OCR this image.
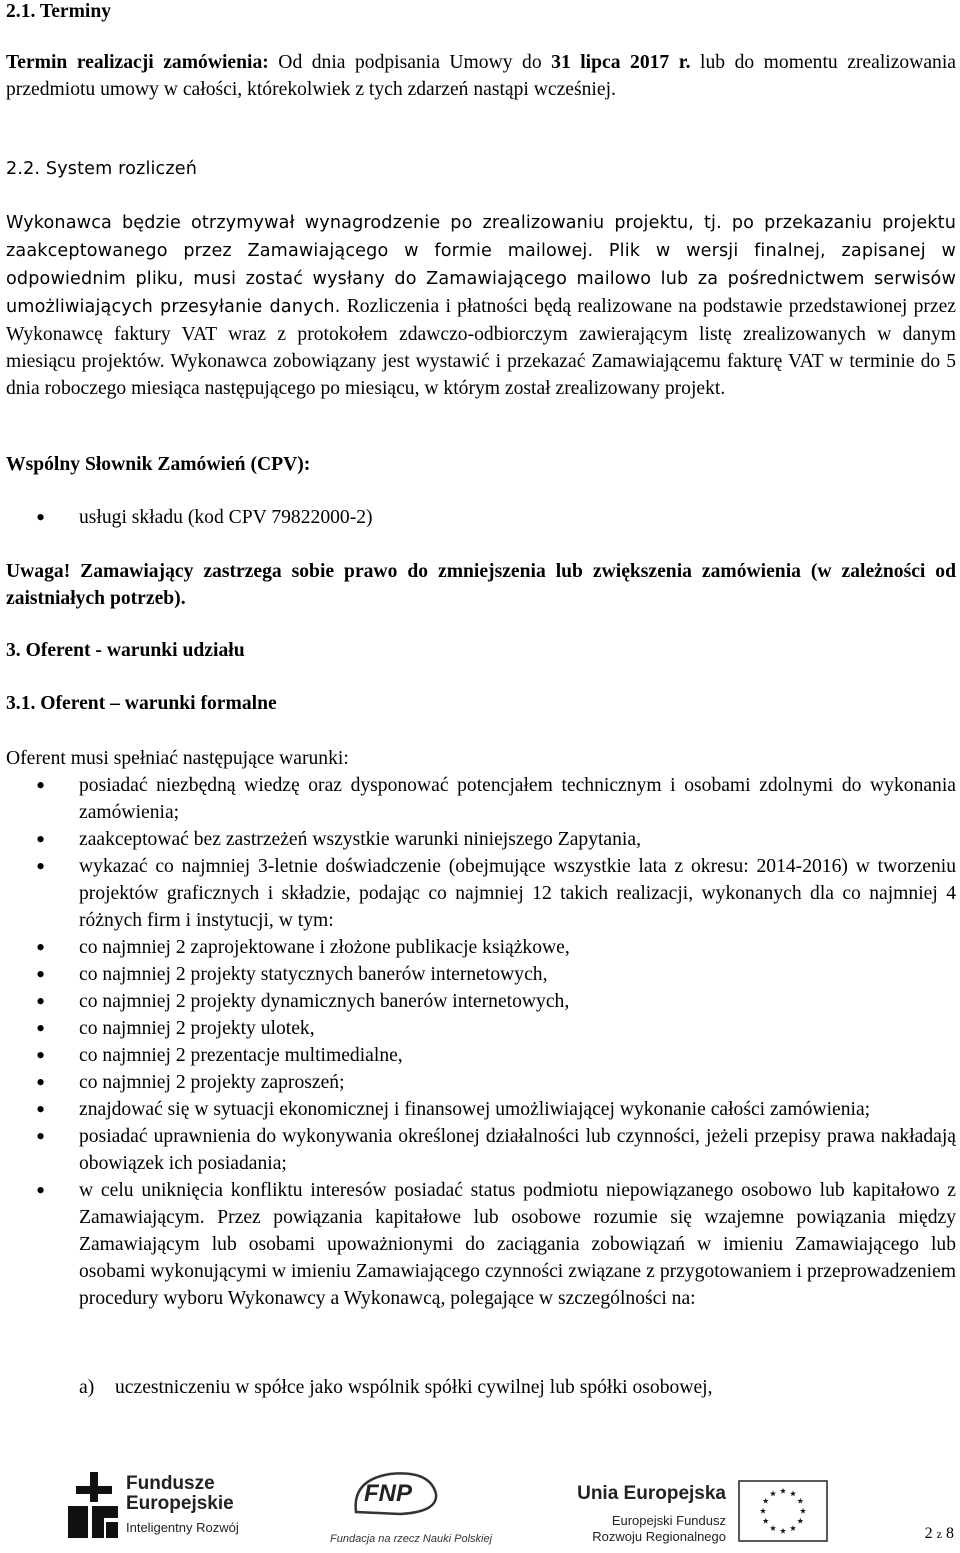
2.1. Terminy

Termin realizacji zamówienia: Od dnia podpisania Umowy do 31 lipca 2017 r. lub do momentu zrealizowania przedmiotu umowy w całości, którekolwiek z tych zdarzeń nastąpi wcześniej.

2.2. System rozliczeń

Wykonawca będzie otrzymywał wynagrodzenie po zrealizowaniu projektu, tj. po przekazaniu projektu zaakceptowanego przez Zamawiającego w formie mailowej. Plik w wersji finalnej, zapisanej w odpowiednim pliku, musi zostać wysłany do Zamawiającego mailowo lub za pośrednictwem serwisów umożliwiających przesyłanie danych. Rozliczenia i płatności będą realizowane na podstawie przedstawionej przez Wykonawcę faktury VAT wraz z protokołem zdawczo-odbiorczym zawierającym listę zrealizowanych w danym miesiącu projektów. Wykonawca zobowiązany jest wystawić i przekazać Zamawiającemu fakturę VAT w terminie do 5 dnia roboczego miesiąca następującego po miesiącu, w którym został zrealizowany projekt.

Wspólny Słownik Zamówień (CPV):

• usługi składu (kod CPV 79822000-2)

Uwaga! Zamawiający zastrzega sobie prawo do zmniejszenia lub zwiększenia zamówienia (w zależności od zaistniałych potrzeb).

3. Oferent - warunki udziału

3.1. Oferent – warunki formalne

Oferent musi spełniać następujące warunki:

• posiadać niezbędną wiedzę oraz dysponować potencjałem technicznym i osobami zdolnymi do wykonania zamówienia;
• zaakceptować bez zastrzeżeń wszystkie warunki niniejszego Zapytania,
• wykazać co najmniej 3-letnie doświadczenie (obejmujące wszystkie lata z okresu: 2014-2016) w tworzeniu projektów graficznych i składzie, podając co najmniej 12 takich realizacji, wykonanych dla co najmniej 4 różnych firm i instytucji, w tym:
• co najmniej 2 zaprojektowane i złożone publikacje książkowe,
• co najmniej 2 projekty statycznych banerów internetowych,
• co najmniej 2 projekty dynamicznych banerów internetowych,
• co najmniej 2 projekty ulotek,
• co najmniej 2 prezentacje multimedialne,
• co najmniej 2 projekty zaproszeń;
• znajdować się w sytuacji ekonomicznej i finansowej umożliwiającej wykonanie całości zamówienia;
• posiadać uprawnienia do wykonywania określonej działalności lub czynności, jeżeli przepisy prawa nakładają obowiązek ich posiadania;
• w celu uniknięcia konfliktu interesów posiadać status podmiotu niepowiązanego osobowo lub kapitałowo z Zamawiającym. Przez powiązania kapitałowe lub osobowe rozumie się wzajemne powiązania między Zamawiającym lub osobami upoważnionymi do zaciągania zobowiązań w imieniu Zamawiającego lub osobami wykonującymi w imieniu Zamawiającego czynności związane z przygotowaniem i przeprowadzeniem procedury wyboru Wykonawcy a Wykonawcą, polegające w szczególności na:
a) uczestniczeniu w spółce jako wspólnik spółki cywilnej lub spółki osobowej,
Fundusze
Europejskie
Inteligentny Rozwój
FNP
Fundacja na rzecz Nauki Polskiej
Unia Europejska
Europejski Fundusz
Rozwoju Regionalnego	2 z 8
